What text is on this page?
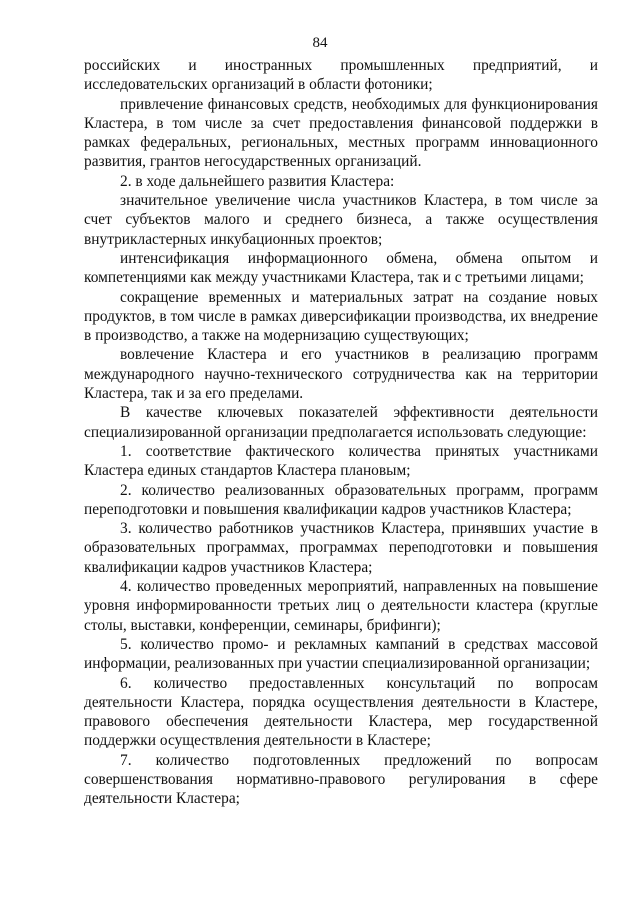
84

российских и иностранных промышленных предприятий, и исследовательских организаций в области фотоники;

привлечение финансовых средств, необходимых для функционирования Кластера, в том числе за счет предоставления финансовой поддержки в рамках федеральных, региональных, местных программ инновационного развития, грантов негосударственных организаций.

2. в ходе дальнейшего развития Кластера:

значительное увеличение числа участников Кластера, в том числе за счет субъектов малого и среднего бизнеса, а также осуществления внутрикластерных инкубационных проектов;

интенсификация информационного обмена, обмена опытом и компетенциями как между участниками Кластера, так и с третьими лицами;

сокращение временных и материальных затрат на создание новых продуктов, в том числе в рамках диверсификации производства, их внедрение в производство, а также на модернизацию существующих;

вовлечение Кластера и его участников в реализацию программ международного научно-технического сотрудничества как на территории Кластера, так и за его пределами.

В качестве ключевых показателей эффективности деятельности специализированной организации предполагается использовать следующие:

1. соответствие фактического количества принятых участниками Кластера единых стандартов Кластера плановым;

2. количество реализованных образовательных программ, программ переподготовки и повышения квалификации кадров участников Кластера;

3. количество работников участников Кластера, принявших участие в образовательных программах, программах переподготовки и повышения квалификации кадров участников Кластера;

4. количество проведенных мероприятий, направленных на повышение уровня информированности третьих лиц о деятельности кластера (круглые столы, выставки, конференции, семинары, брифинги);

5. количество промо- и рекламных кампаний в средствах массовой информации, реализованных при участии специализированной организации;

6. количество предоставленных консультаций по вопросам деятельности Кластера, порядка осуществления деятельности в Кластере, правового обеспечения деятельности Кластера, мер государственной поддержки осуществления деятельности в Кластере;

7. количество подготовленных предложений по вопросам совершенствования нормативно-правового регулирования в сфере деятельности Кластера;
